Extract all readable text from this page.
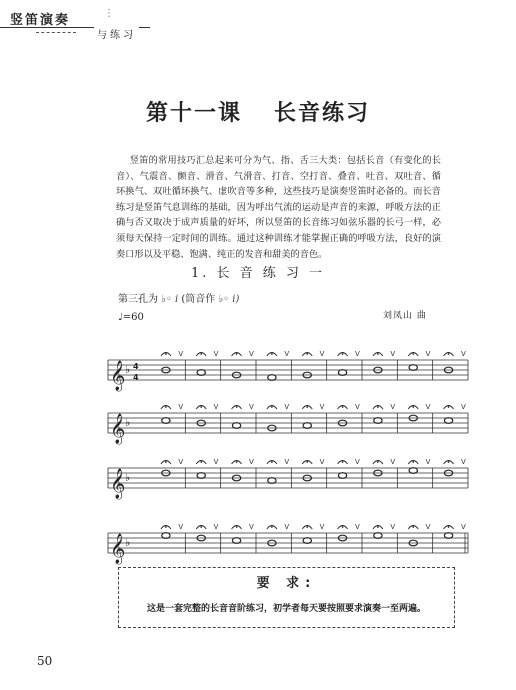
竖笛演奏	⋮
与练习
第十一课 长音练习

竖笛的常用技巧汇总起来可分为气、指、舌三大类：包括长音（有变化的长音）、气震音、颤音、滑音、气滑音、打音、空打音、叠音、吐音、双吐音、循环换气、双吐循环换气、虚吹音等多种，这些技巧是演奏竖笛时必备的。而长音练习是竖笛气息训练的基础，因为呼出气流的运动是声音的来源，呼吸方法的正确与否又取决于成声质量的好坏，所以竖笛的长音练习如弦乐器的长弓一样，必须每天保持一定时间的训练。通过这种训练才能掌握正确的呼吸方法，良好的演奏口形以及平稳、饱满、纯正的发音和甜美的音色。

1. 长 音 练 习 一
第三孔为 ♭◦ ⅰ (筒音作 ♭◦ ⅰ)
♩=60	刘凤山 曲
𝄞 ♭ 4
4
V	V	V	V	V	V	V	V	V
𝄞 ♭
V	V	V	V	V	V	V	V	V
𝄞 ♭
V	V	V	V	V	V	V	V	V
𝄞 ♭
V	V	V	V	V	V	V	V	V
要 求:
这是一套完整的长音音阶练习，初学者每天要按照要求演奏一至两遍。
50
